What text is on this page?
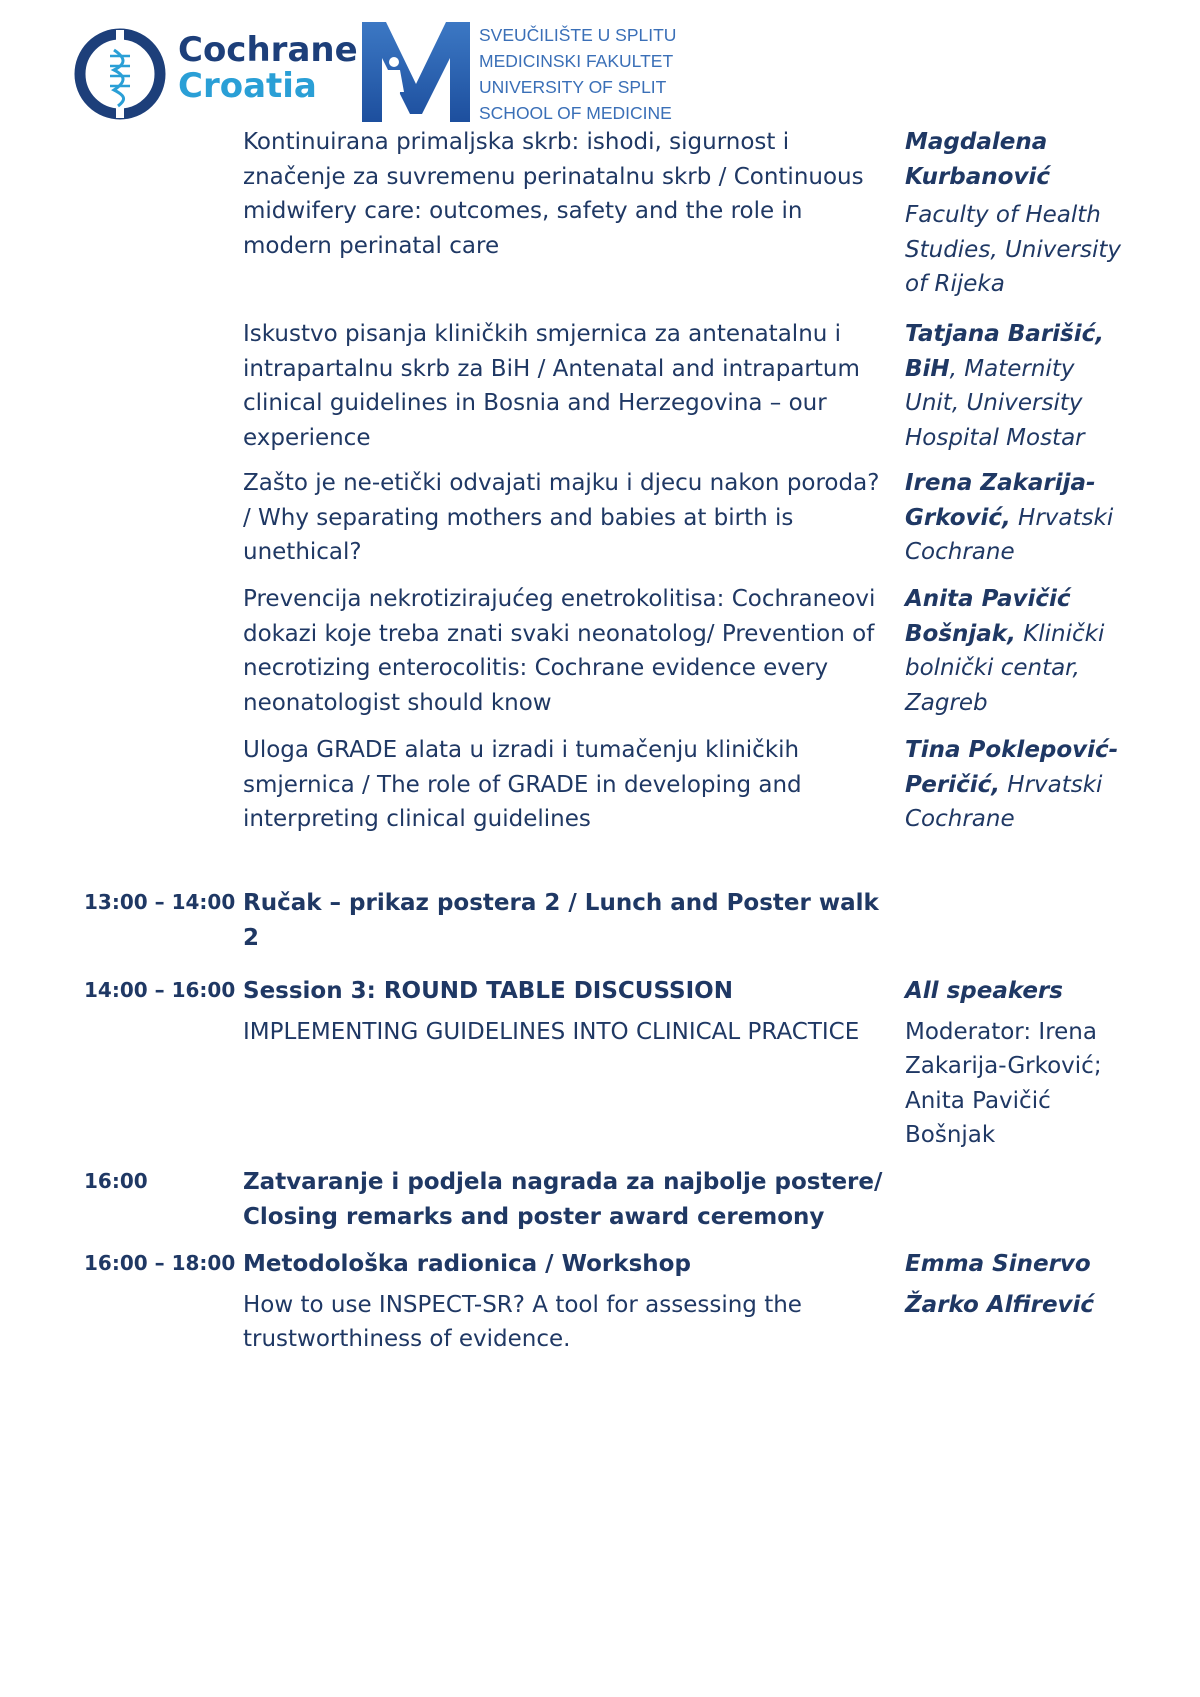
Cochrane
Croatia
SVEUČILIŠTE U SPLITU
MEDICINSKI FAKULTET
UNIVERSITY OF SPLIT
SCHOOL OF MEDICINE
Kontinuirana primaljska skrb: ishodi, sigurnost i značenje za suvremenu perinatalnu skrb / Continuous midwifery care: outcomes, safety and the role in modern perinatal care
Magdalena Kurbanović
Faculty of Health Studies, University of Rijeka
Iskustvo pisanja kliničkih smjernica za antenatalnu i intrapartalnu skrb za BiH / Antenatal and intrapartum clinical guidelines in Bosnia and Herzegovina – our experience
Tatjana Barišić, BiH, Maternity Unit, University Hospital Mostar
Zašto je ne-etički odvajati majku i djecu nakon poroda? / Why separating mothers and babies at birth is unethical?
Irena Zakarija-Grković, Hrvatski Cochrane
Prevencija nekrotizirajućeg enetrokolitisa: Cochraneovi dokazi koje treba znati svaki neonatolog/ Prevention of necrotizing enterocolitis: Cochrane evidence every neonatologist should know
Anita Pavičić Bošnjak, Klinički bolnički centar, Zagreb
Uloga GRADE alata u izradi i tumačenju kliničkih smjernica / The role of GRADE in developing and interpreting clinical guidelines
Tina Poklepović-Peričić, Hrvatski Cochrane
13:00 – 14:00 Ručak – prikaz postera 2 / Lunch and Poster walk 2
14:00 – 16:00 Session 3: ROUND TABLE DISCUSSION
IMPLEMENTING GUIDELINES INTO CLINICAL PRACTICE
All speakers
Moderator: Irena Zakarija-Grković; Anita Pavičić Bošnjak
16:00	Zatvaranje i podjela nagrada za najbolje postere/ Closing remarks and poster award ceremony
16:00 – 18:00 Metodološka radionica / Workshop
How to use INSPECT-SR? A tool for assessing the trustworthiness of evidence.
Emma Sinervo
Žarko Alfirević
